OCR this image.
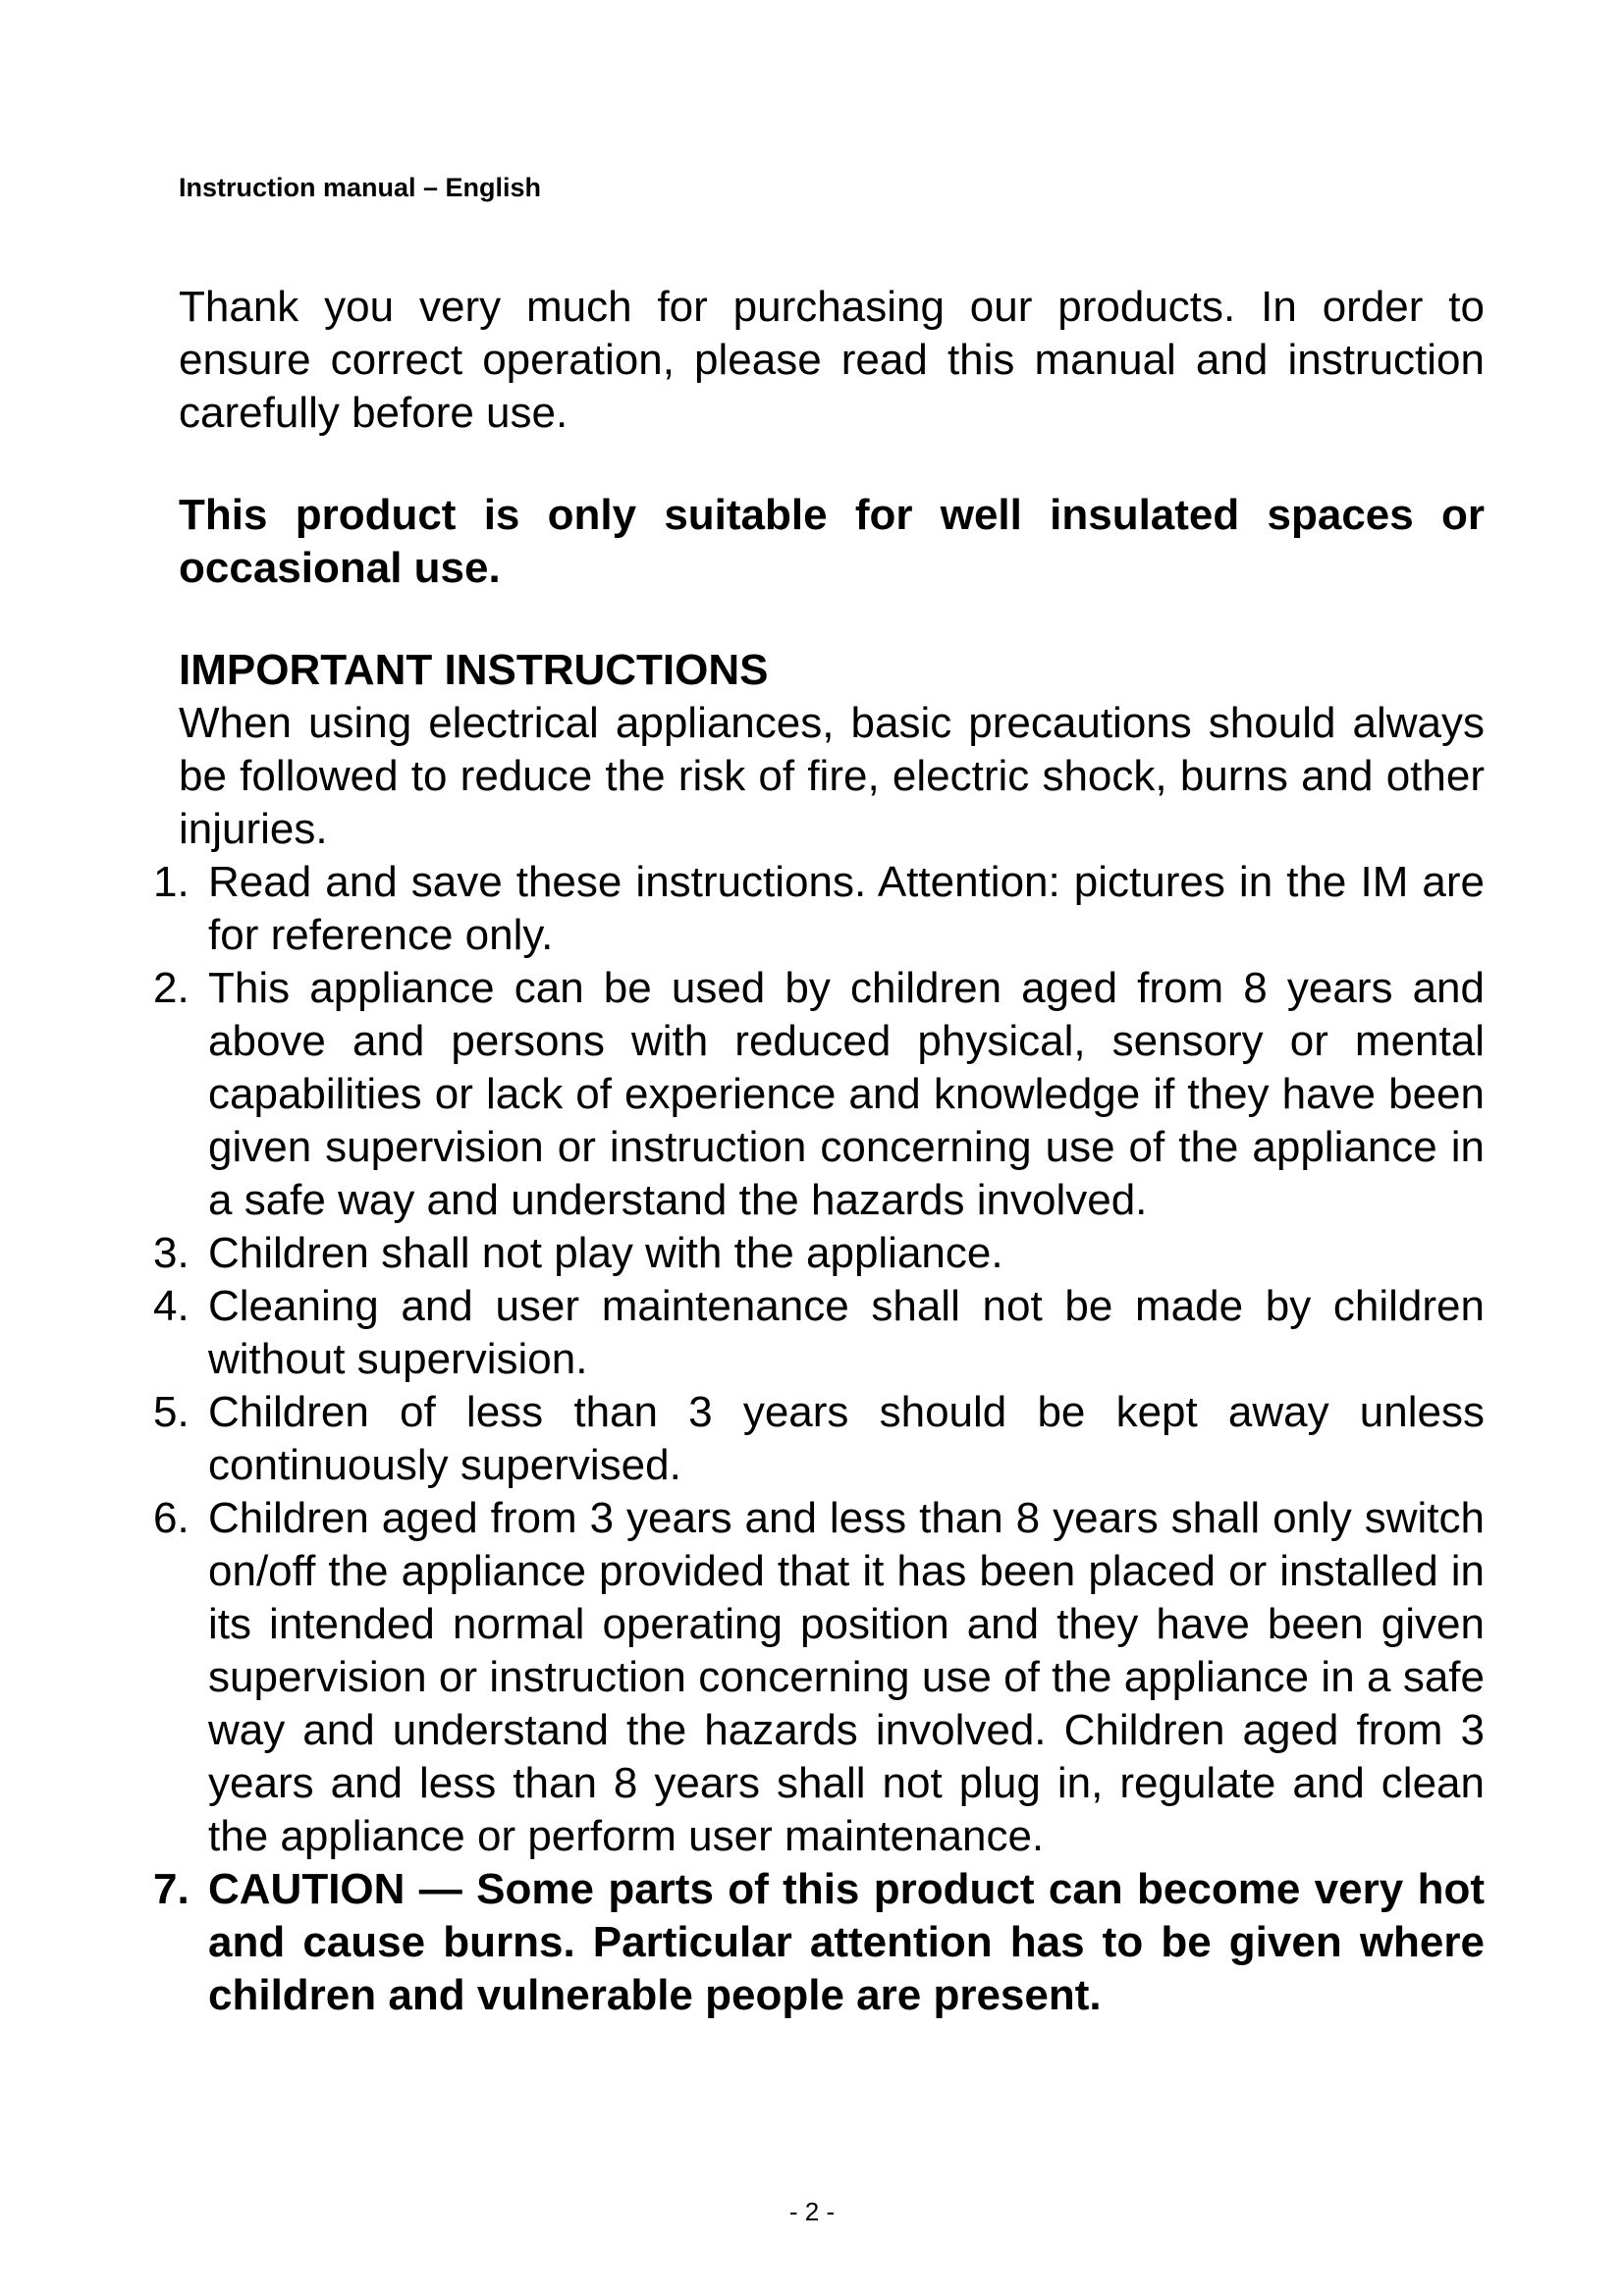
Instruction manual – English

Thank you very much for purchasing our products. In order to ensure correct operation, please read this manual and instruction carefully before use.

This product is only suitable for well insulated spaces or occasional use.

IMPORTANT INSTRUCTIONS

When using electrical appliances, basic precautions should always be followed to reduce the risk of fire, electric shock, burns and other injuries.

1. Read and save these instructions. Attention: pictures in the IM are for reference only.
2. This appliance can be used by children aged from 8 years and above and persons with reduced physical, sensory or mental capabilities or lack of experience and knowledge if they have been given supervision or instruction concerning use of the appliance in a safe way and understand the hazards involved.
3. Children shall not play with the appliance.
4. Cleaning and user maintenance shall not be made by children without supervision.
5. Children of less than 3 years should be kept away unless continuously supervised.
6. Children aged from 3 years and less than 8 years shall only switch on/off the appliance provided that it has been placed or installed in its intended normal operating position and they have been given supervision or instruction concerning use of the appliance in a safe way and understand the hazards involved. Children aged from 3 years and less than 8 years shall not plug in, regulate and clean the appliance or perform user maintenance.
7. CAUTION — Some parts of this product can become very hot and cause burns. Particular attention has to be given where children and vulnerable people are present.
- 2 -
